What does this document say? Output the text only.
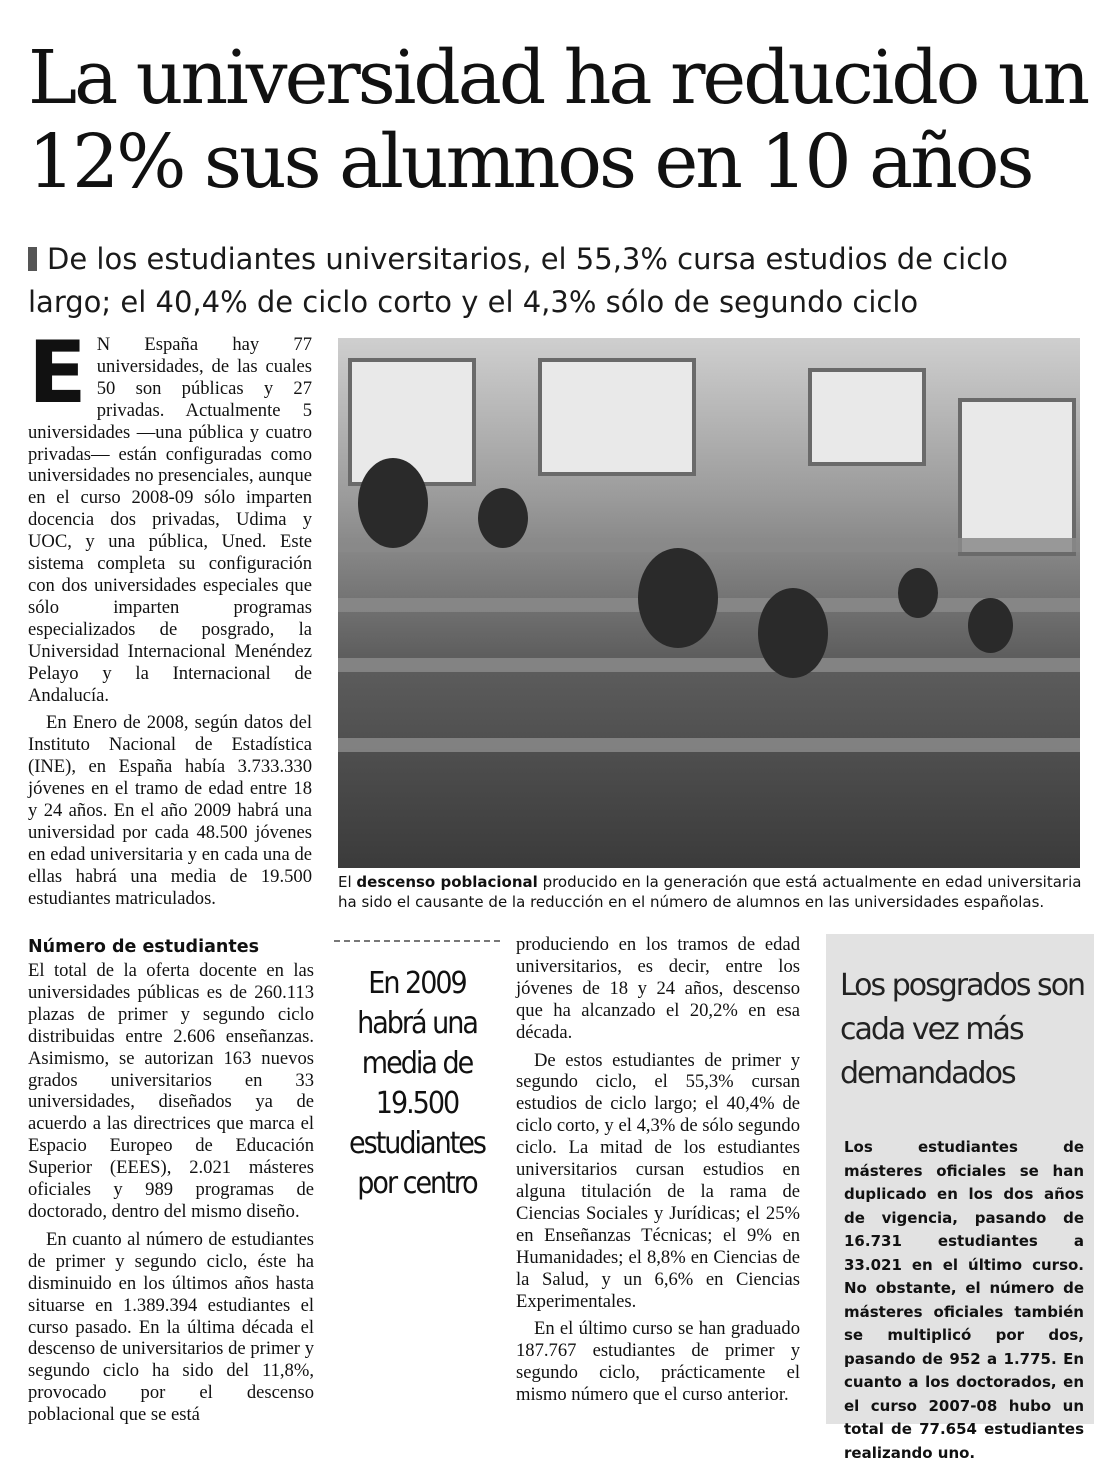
La universidad ha reducido un 12% sus alumnos en 10 años
De los estudiantes universitarios, el 55,3% cursa estudios de ciclo largo; el 40,4% de ciclo corto y el 4,3% sólo de segundo ciclo
E N España hay 77 universidades, de las cuales 50 son públicas y 27 privadas. Actualmente 5 universidades —una pública y cuatro privadas— están configuradas como universidades no presenciales, aunque en el curso 2008-09 sólo imparten docencia dos privadas, Udima y UOC, y una pública, Uned. Este sistema completa su configuración con dos universidades especiales que sólo imparten programas especializados de posgrado, la Universidad Internacional Menéndez Pelayo y la Internacional de Andalucía.

En Enero de 2008, según datos del Instituto Nacional de Estadística (INE), en España había 3.733.330 jóvenes en el tramo de edad entre 18 y 24 años. En el año 2009 habrá una universidad por cada 48.500 jóvenes en edad universitaria y en cada una de ellas habrá una media de 19.500 estudiantes matriculados.

El descenso poblacional producido en la generación que está actualmente en edad universitaria ha sido el causante de la reducción en el número de alumnos en las universidades españolas.
Número de estudiantes

El total de la oferta docente en las universidades públicas es de 260.113 plazas de primer y segundo ciclo distribuidas entre 2.606 enseñanzas. Asimismo, se autorizan 163 nuevos grados universitarios en 33 universidades, diseñados ya de acuerdo a las directrices que marca el Espacio Europeo de Educación Superior (EEES), 2.021 másteres oficiales y 989 programas de doctorado, dentro del mismo diseño.

En cuanto al número de estudiantes de primer y segundo ciclo, éste ha disminuido en los últimos años hasta situarse en 1.389.394 estudiantes el curso pasado. En la última década el descenso de universitarios de primer y segundo ciclo ha sido del 11,8%, provocado por el descenso poblacional que se está

En 2009 habrá una media de 19.500 estudiantes por centro

produciendo en los tramos de edad universitarios, es decir, entre los jóvenes de 18 y 24 años, descenso que ha alcanzado el 20,2% en esa década.

De estos estudiantes de primer y segundo ciclo, el 55,3% cursan estudios de ciclo largo; el 40,4% de ciclo corto, y el 4,3% de sólo segundo ciclo. La mitad de los estudiantes universitarios cursan estudios en alguna titulación de la rama de Ciencias Sociales y Jurídicas; el 25% en Enseñanzas Técnicas; el 9% en Humanidades; el 8,8% en Ciencias de la Salud, y un 6,6% en Ciencias Experimentales.

En el último curso se han graduado 187.767 estudiantes de primer y segundo ciclo, prácticamente el mismo número que el curso anterior.

Los posgrados son cada vez más demandados
Los estudiantes de másteres oficiales se han duplicado en los dos años de vigencia, pasando de 16.731 estudiantes a 33.021 en el último curso. No obstante, el número de másteres oficiales también se multiplicó por dos, pasando de 952 a 1.775. En cuanto a los doctorados, en el curso 2007-08 hubo un total de 77.654 estudiantes realizando uno.
